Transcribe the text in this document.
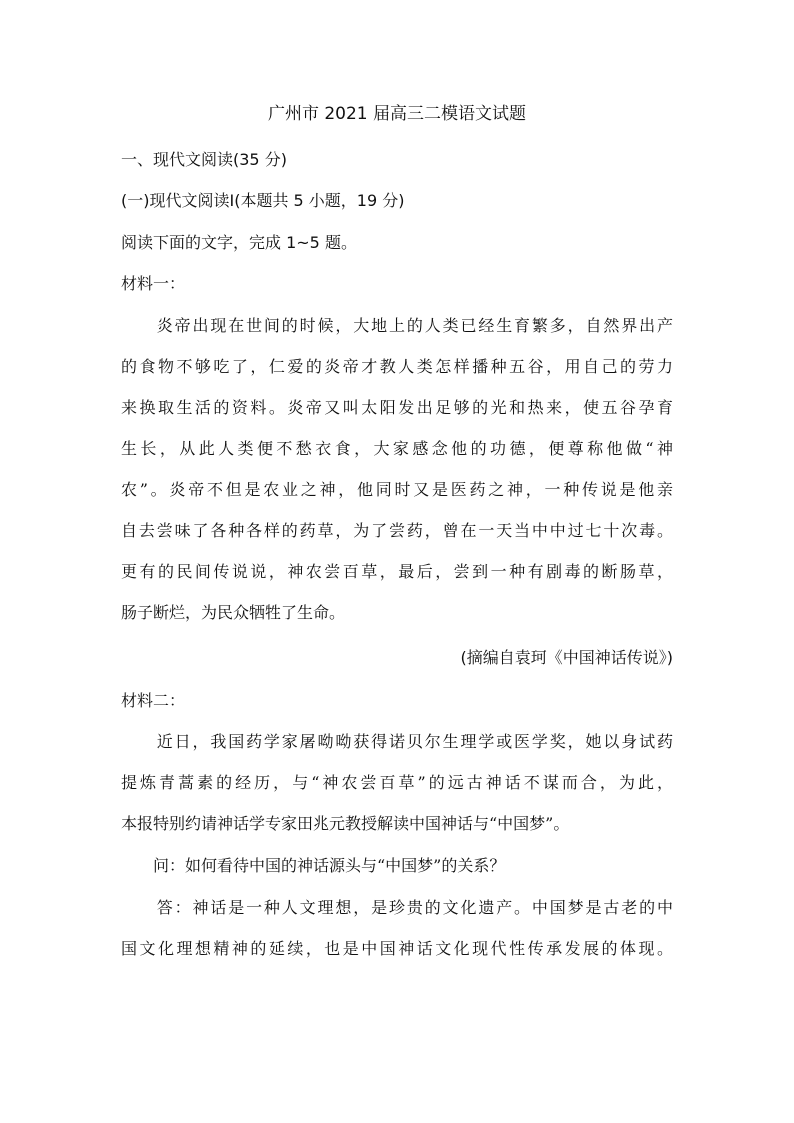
广州市 2021 届高三二模语文试题
一、现代文阅读(35 分)
(一)现代文阅读Ⅰ(本题共 5 小题，19 分)
阅读下面的文字，完成 1~5 题。
材料一：
　　炎帝出现在世间的时候，大地上的人类已经生育繁多，自然界出产
的食物不够吃了，仁爱的炎帝才教人类怎样播种五谷，用自己的劳力
来换取生活的资料。炎帝又叫太阳发出足够的光和热来，使五谷孕育
生长，从此人类便不愁衣食，大家感念他的功德，便尊称他做“神
农”。炎帝不但是农业之神，他同时又是医药之神，一种传说是他亲
自去尝味了各种各样的药草，为了尝药，曾在一天当中中过七十次毒。
更有的民间传说说，神农尝百草，最后，尝到一种有剧毒的断肠草，
肠子断烂，为民众牺牲了生命。
(摘编自袁珂《中国神话传说》)
材料二：
　　近日，我国药学家屠呦呦获得诺贝尔生理学或医学奖，她以身试药
提炼青蒿素的经历，与“神农尝百草”的远古神话不谋而合，为此，
本报特别约请神话学专家田兆元教授解读中国神话与“中国梦”。
　　问：如何看待中国的神话源头与“中国梦”的关系？
　　答：神话是一种人文理想，是珍贵的文化遗产。中国梦是古老的中
国文化理想精神的延续，也是中国神话文化现代性传承发展的体现。
